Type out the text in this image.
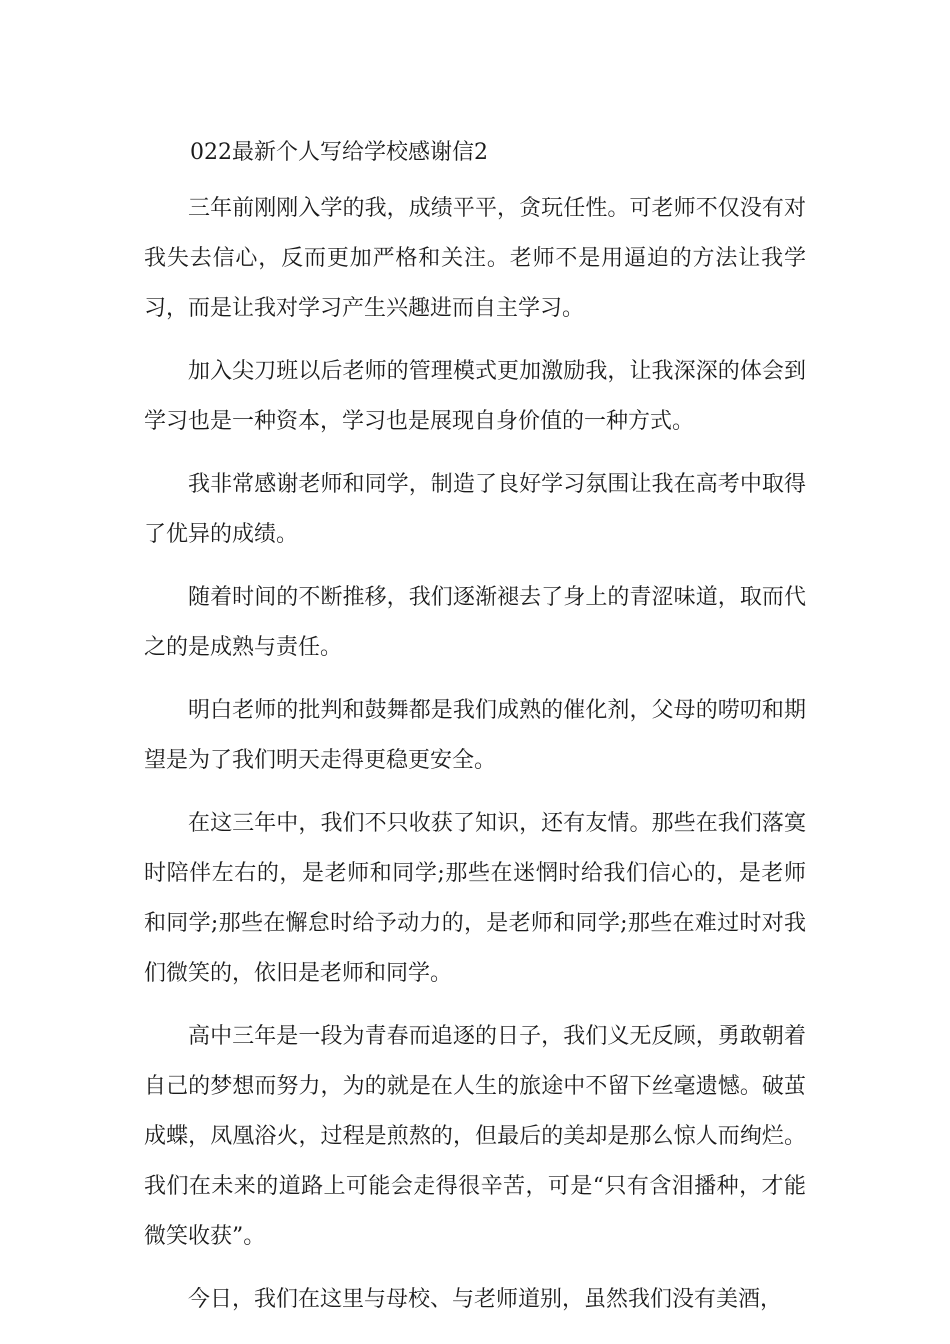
022最新个人写给学校感谢信2

三年前刚刚入学的我，成绩平平，贪玩任性。可老师不仅没有对我失去信心，反而更加严格和关注。老师不是用逼迫的方法让我学习，而是让我对学习产生兴趣进而自主学习。

加入尖刀班以后老师的管理模式更加激励我，让我深深的体会到学习也是一种资本，学习也是展现自身价值的一种方式。

我非常感谢老师和同学，制造了良好学习氛围让我在高考中取得了优异的成绩。

随着时间的不断推移，我们逐渐褪去了身上的青涩味道，取而代之的是成熟与责任。

明白老师的批判和鼓舞都是我们成熟的催化剂，父母的唠叨和期望是为了我们明天走得更稳更安全。

在这三年中，我们不只收获了知识，还有友情。那些在我们落寞时陪伴左右的，是老师和同学;那些在迷惘时给我们信心的，是老师和同学;那些在懈怠时给予动力的，是老师和同学;那些在难过时对我们微笑的，依旧是老师和同学。

高中三年是一段为青春而追逐的日子，我们义无反顾，勇敢朝着自己的梦想而努力，为的就是在人生的旅途中不留下丝毫遗憾。破茧成蝶，凤凰浴火，过程是煎熬的，但最后的美却是那么惊人而绚烂。我们在未来的道路上可能会走得很辛苦，可是“只有含泪播种，才能微笑收获”。

今日，我们在这里与母校、与老师道别，虽然我们没有美酒，
